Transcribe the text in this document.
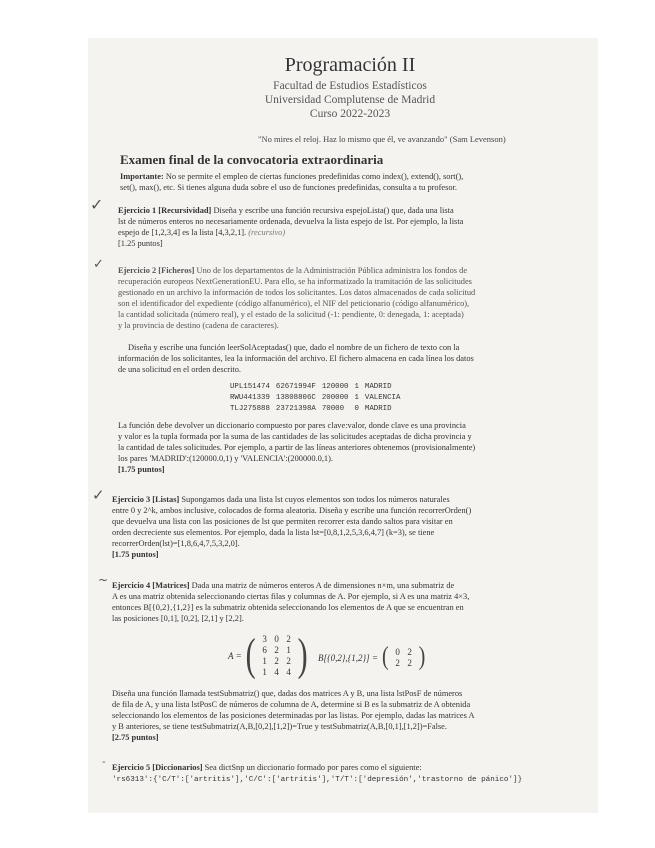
Programación II
Facultad de Estudios Estadísticos
Universidad Complutense de Madrid
Curso 2022-2023
"No mires el reloj. Haz lo mismo que él, ve avanzando" (Sam Levenson)
Examen final de la convocatoria extraordinaria
Importante: No se permite el empleo de ciertas funciones predefinidas como index(), extend(), sort(),
set(), max(), etc. Si tienes alguna duda sobre el uso de funciones predefinidas, consulta a tu profesor.
✓ Ejercicio 1 [Recursividad] Diseña y escribe una función recursiva espejoLista() que, dada una lista
lst de números enteros no necesariamente ordenada, devuelva la lista espejo de lst. Por ejemplo, la lista
espejo de [1,2,3,4] es la lista [4,3,2,1]. (recursivo)
[1.25 puntos]
✓ Ejercicio 2 [Ficheros] Uno de los departamentos de la Administración Pública administra los fondos de
recuperación europeos NextGenerationEU. Para ello, se ha informatizado la tramitación de las solicitudes
gestionado en un archivo la información de todos los solicitantes. Los datos almacenados de cada solicitud
son el identificador del expediente (código alfanumérico), el NIF del peticionario (código alfanumérico),
la cantidad solicitada (número real), y el estado de la solicitud (-1: pendiente, 0: denegada, 1: aceptada)
y la provincia de destino (cadena de caracteres).
Diseña y escribe una función leerSolAceptadas() que, dado el nombre de un fichero de texto con la
información de los solicitantes, lea la información del archivo. El fichero almacena en cada línea los datos
de una solicitud en el orden descrito.
UPL151474	62671994F	120000	1	MADRID
RWU441339	13808806C	200000	1	VALENCIA
TLJ275888	23721398A	70000	0	MADRID
La función debe devolver un diccionario compuesto por pares clave:valor, donde clave es una provincia
y valor es la tupla formada por la suma de las cantidades de las solicitudes aceptadas de dicha provincia y
la cantidad de tales solicitudes. Por ejemplo, a partir de las líneas anteriores obtenemos (provisionalmente)
los pares 'MADRID':(120000.0,1) y 'VALENCIA':(200000.0,1).
[1.75 puntos]
✓ Ejercicio 3 [Listas] Supongamos dada una lista lst cuyos elementos son todos los números naturales
entre 0 y 2^k, ambos inclusive, colocados de forma aleatoria. Diseña y escribe una función recorrerOrden()
que devuelva una lista con las posiciones de lst que permiten recorrer esta dando saltos para visitar en
orden decreciente sus elementos. Por ejemplo, dada la lista lst=[0,8,1,2,5,3,6,4,7] (k=3), se tiene
recorrerOrden(lst)=[1,8,6,4,7,5,3,2,0].
[1.75 puntos]
~ Ejercicio 4 [Matrices] Dada una matriz de números enteros A de dimensiones n×m, una submatriz de
A es una matriz obtenida seleccionando ciertas filas y columnas de A. Por ejemplo, si A es una matriz 4×3,
entonces B[{0,2},{1,2}] es la submatriz obtenida seleccionando los elementos de A que se encuentran en
las posiciones [0,1], [0,2], [2,1] y [2,2].
A = ( 3 0 2
6 2 1
1 2 2
1 4 4 ) B[{0,2},{1,2}] = ( 0 2
2 2 )
Diseña una función llamada testSubmatriz() que, dadas dos matrices A y B, una lista lstPosF de números
de fila de A, y una lista lstPosC de números de columna de A, determine si B es la submatriz de A obtenida
seleccionando los elementos de las posiciones determinadas por las listas. Por ejemplo, dadas las matrices A
y B anteriores, se tiene testSubmatriz(A,B,[0,2],[1,2])=True y testSubmatriz(A,B,[0,1],[1,2])=False.
[2.75 puntos]
- Ejercicio 5 [Diccionarios] Sea dictSnp un diccionario formado por pares como el siguiente:
'rs6313':{'C/T':['artritis'],'C/C':['artritis'],'T/T':['depresión','trastorno de pánico']}
